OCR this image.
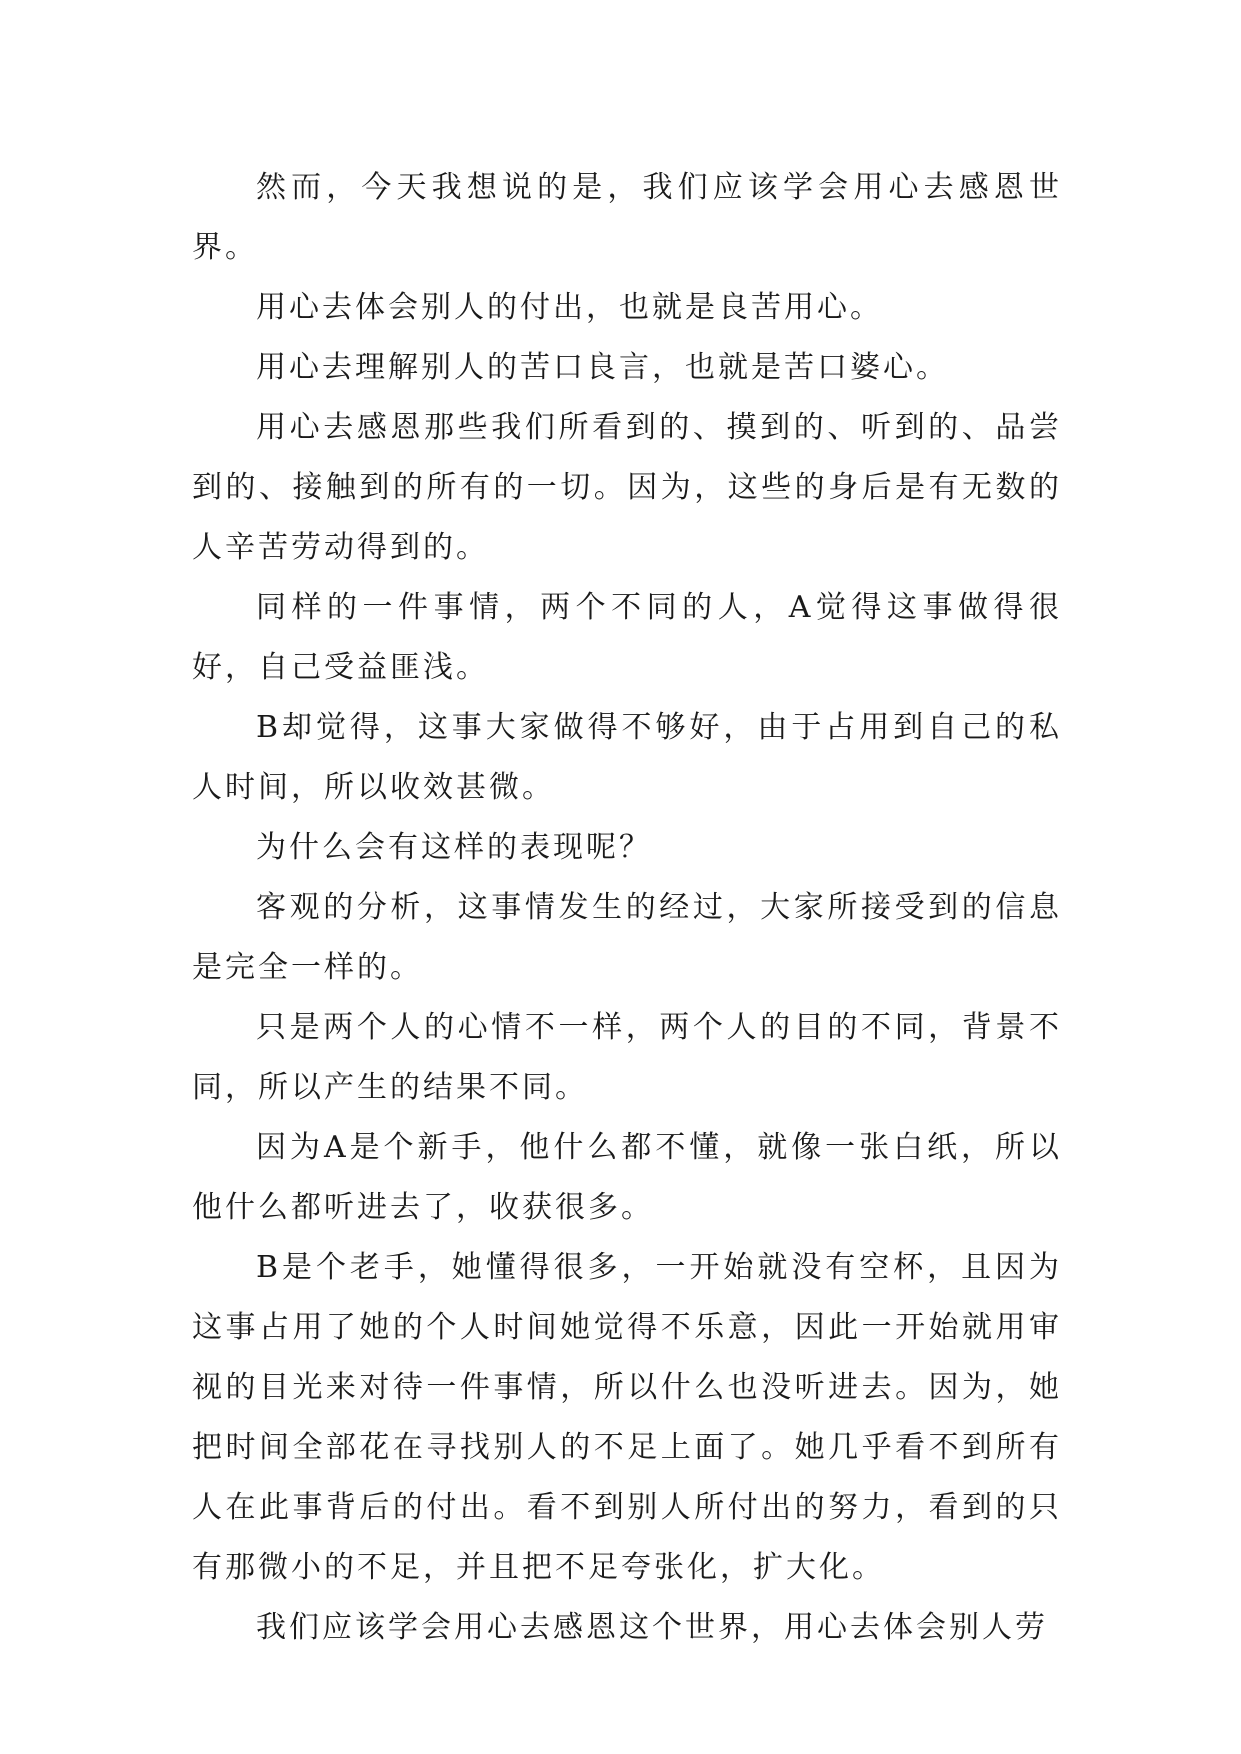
然而，今天我想说的是，我们应该学会用心去感恩世界。

用心去体会别人的付出，也就是良苦用心。

用心去理解别人的苦口良言，也就是苦口婆心。

用心去感恩那些我们所看到的、摸到的、听到的、品尝到的、接触到的所有的一切。因为，这些的身后是有无数的人辛苦劳动得到的。

同样的一件事情，两个不同的人，A觉得这事做得很好，自己受益匪浅。

B却觉得，这事大家做得不够好，由于占用到自己的私人时间，所以收效甚微。

为什么会有这样的表现呢？

客观的分析，这事情发生的经过，大家所接受到的信息是完全一样的。

只是两个人的心情不一样，两个人的目的不同，背景不同，所以产生的结果不同。

因为A是个新手，他什么都不懂，就像一张白纸，所以他什么都听进去了，收获很多。

B是个老手，她懂得很多，一开始就没有空杯，且因为这事占用了她的个人时间她觉得不乐意，因此一开始就用审视的目光来对待一件事情，所以什么也没听进去。因为，她把时间全部花在寻找别人的不足上面了。她几乎看不到所有人在此事背后的付出。看不到别人所付出的努力，看到的只有那微小的不足，并且把不足夸张化，扩大化。

我们应该学会用心去感恩这个世界，用心去体会别人劳
